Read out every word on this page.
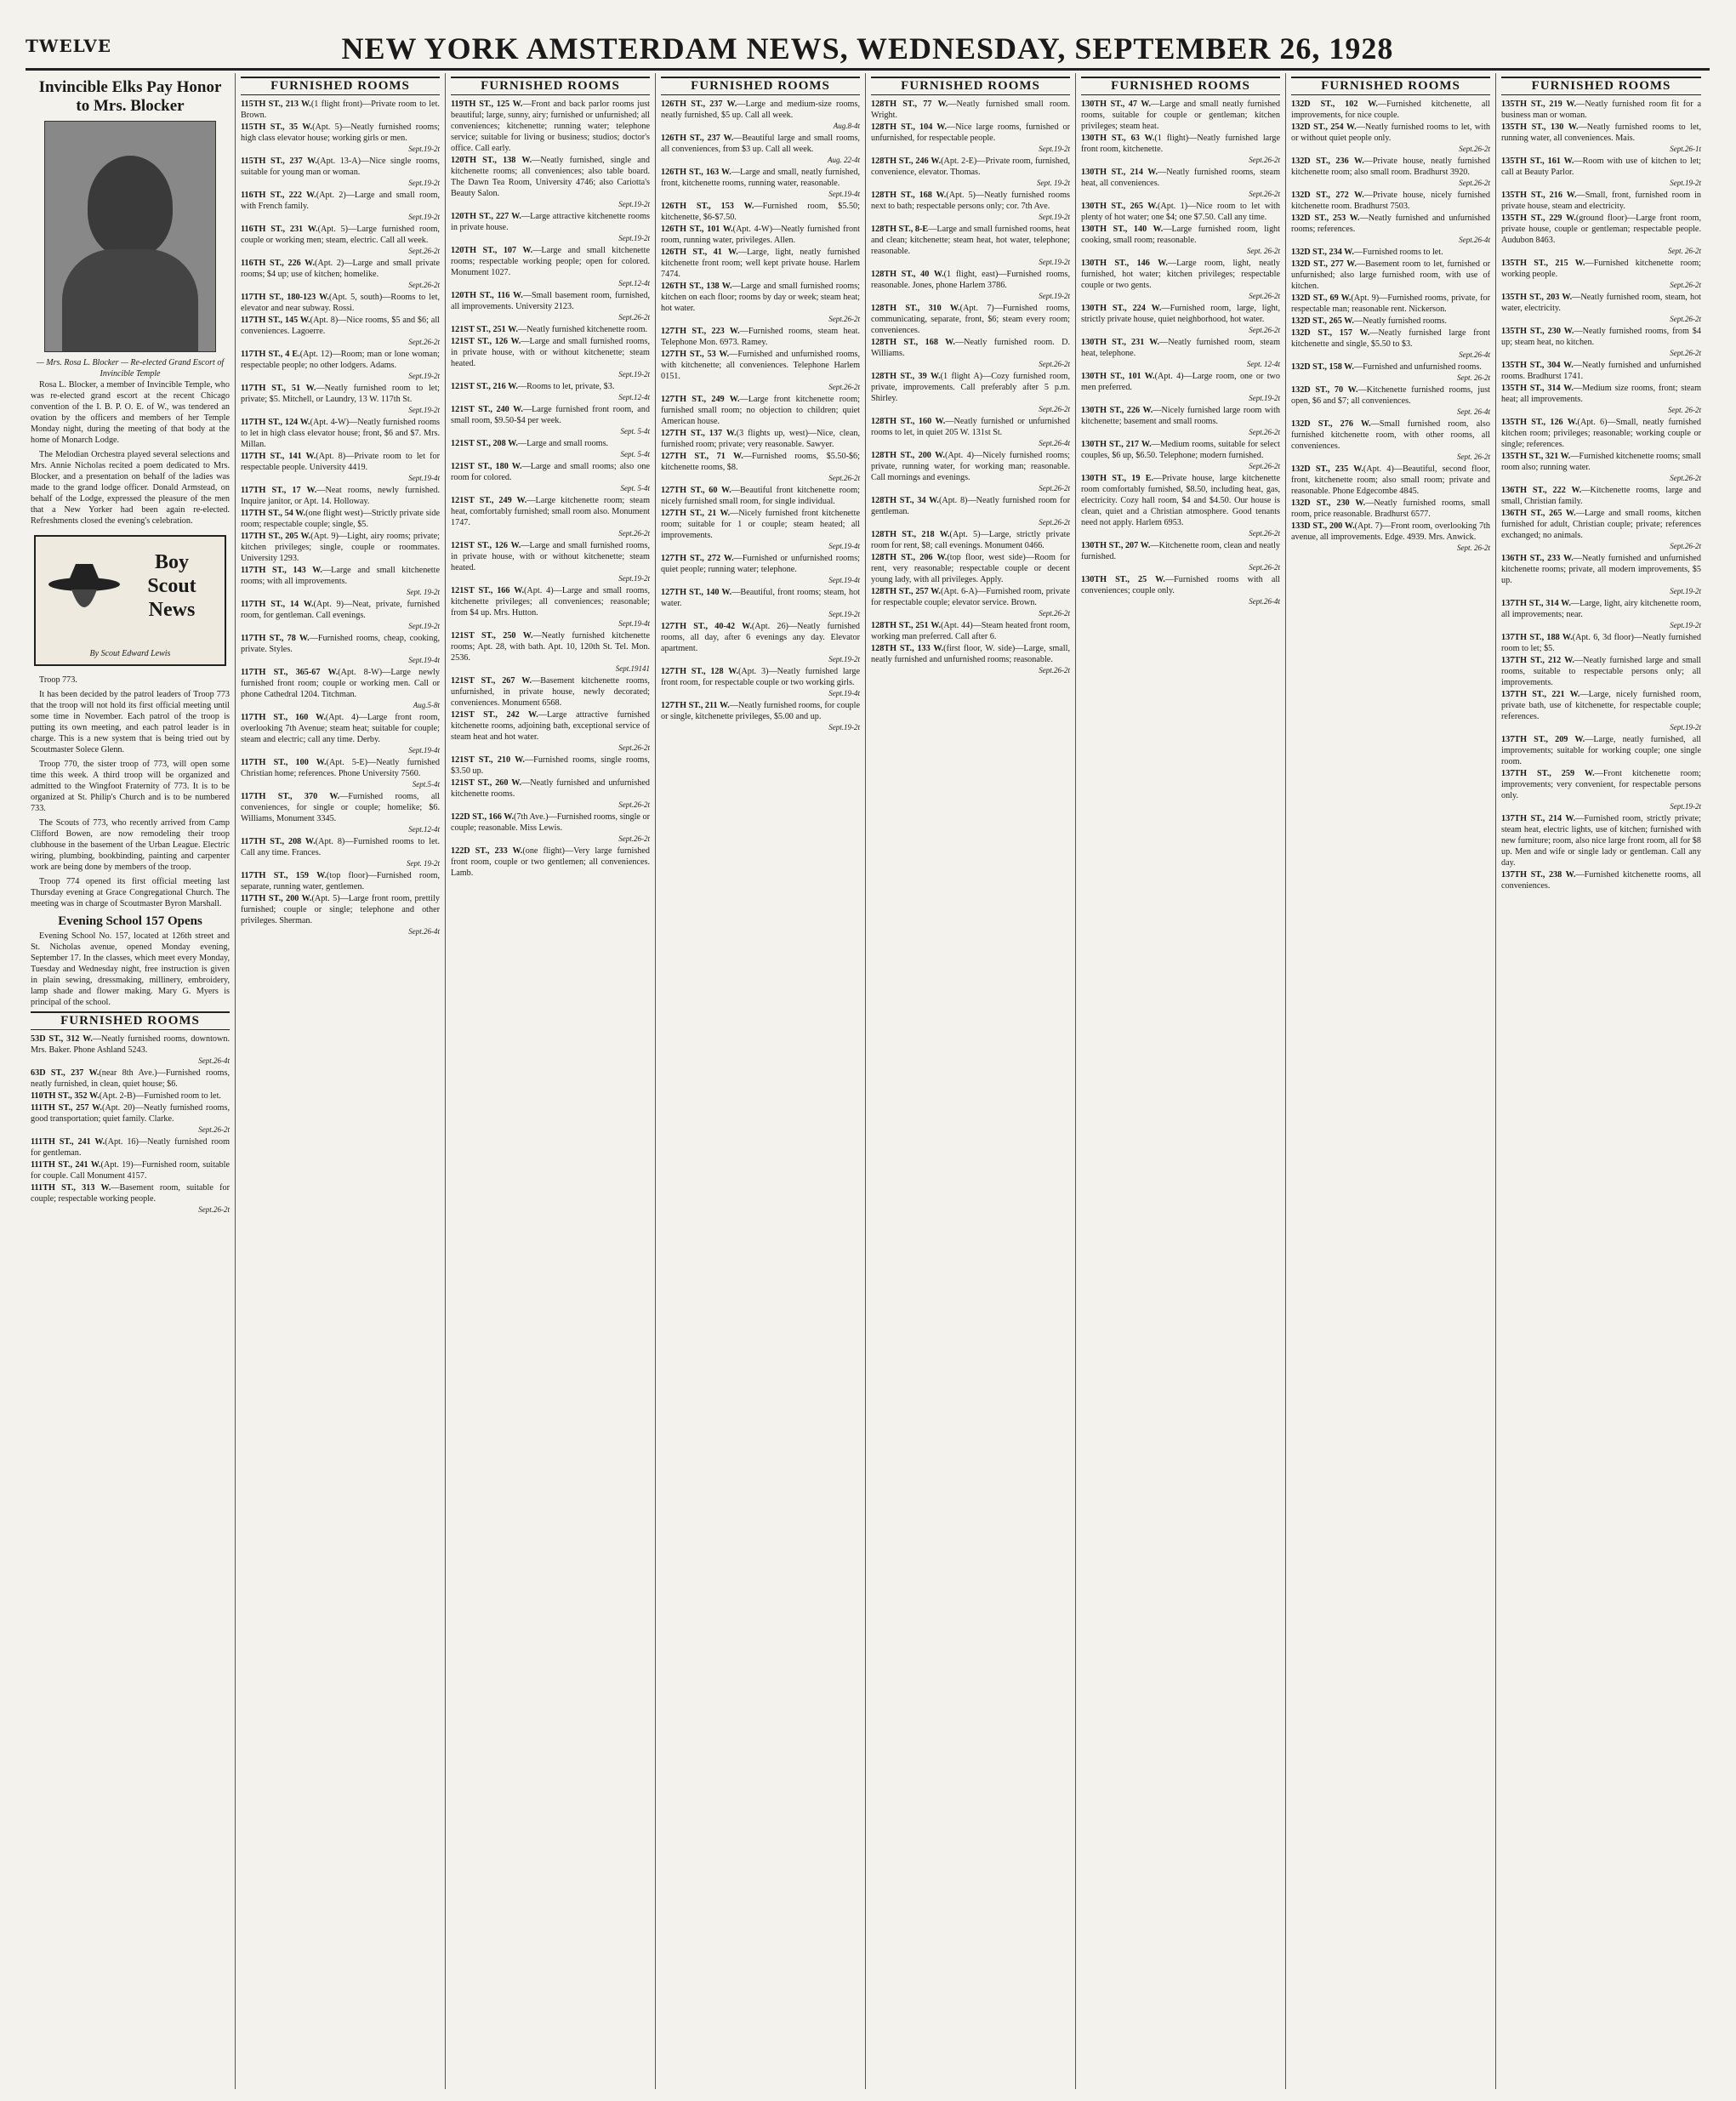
TWELVE	NEW YORK AMSTERDAM NEWS, WEDNESDAY, SEPTEMBER 26, 1928
Invincible Elks Pay Honor to Mrs. Blocker
— Mrs. Rosa L. Blocker — Re-elected Grand Escort of Invincible Temple

Rosa L. Blocker, a member of Invincible Temple, who was re-elected grand escort at the recent Chicago convention of the I. B. P. O. E. of W., was tendered an ovation by the officers and members of her Temple Monday night, during the meeting of that body at the home of Monarch Lodge.

The Melodian Orchestra played several selections and Mrs. Annie Nicholas recited a poem dedicated to Mrs. Blocker, and a presentation on behalf of the ladies was made to the grand lodge officer. Donald Armstead, on behalf of the Lodge, expressed the pleasure of the men that a New Yorker had been again re-elected. Refreshments closed the evening's celebration.

Boy Scout News
By Scout Edward Lewis

Troop 773.

It has been decided by the patrol leaders of Troop 773 that the troop will not hold its first official meeting until some time in November. Each patrol of the troop is putting its own meeting, and each patrol leader is in charge. This is a new system that is being tried out by Scoutmaster Solece Glenn.

Troop 770, the sister troop of 773, will open some time this week. A third troop will be organized and admitted to the Wingfoot Fraternity of 773. It is to be organized at St. Philip's Church and is to be numbered 733.

The Scouts of 773, who recently arrived from Camp Clifford Bowen, are now remodeling their troop clubhouse in the basement of the Urban League. Electric wiring, plumbing, bookbinding, painting and carpenter work are being done by members of the troop.

Troop 774 opened its first official meeting last Thursday evening at Grace Congregational Church. The meeting was in charge of Scoutmaster Byron Marshall.

Evening School 157 Opens

Evening School No. 157, located at 126th street and St. Nicholas avenue, opened Monday evening, September 17. In the classes, which meet every Monday, Tuesday and Wednesday night, free instruction is given in plain sewing, dressmaking, millinery, embroidery, lamp shade and flower making. Mary G. Myers is principal of the school.

FURNISHED ROOMS

53D ST., 312 W.—Neatly furnished rooms, downtown. Mrs. Baker. Phone Ashland 5243.
Sept.26-4t

63D ST., 237 W.(near 8th Ave.)—Furnished rooms, neatly furnished, in clean, quiet house; $6.

110TH ST., 352 W.(Apt. 2-B)—Furnished room to let.

111TH ST., 257 W.(Apt. 20)—Neatly furnished rooms, good transportation; quiet family. Clarke.
Sept.26-2t

111TH ST., 241 W.(Apt. 16)—Neatly furnished room for gentleman.

111TH ST., 241 W.(Apt. 19)—Furnished room, suitable for couple. Call Monument 4157.

111TH ST., 313 W.—Basement room, suitable for couple; respectable working people.
Sept.26-2t

FURNISHED ROOMS

115TH ST., 213 W.(1 flight front)—Private room to let. Brown.

115TH ST., 35 W.(Apt. 5)—Neatly furnished rooms; high class elevator house; working girls or men.
Sept.19-2t

115TH ST., 237 W.(Apt. 13-A)—Nice single rooms, suitable for young man or woman.
Sept.19-2t

116TH ST., 222 W.(Apt. 2)—Large and small room, with French family.
Sept.19-2t

116TH ST., 231 W.(Apt. 5)—Large furnished room, couple or working men; steam, electric. Call all week.
Sept.26-2t

116TH ST., 226 W.(Apt. 2)—Large and small private rooms; $4 up; use of kitchen; homelike.
Sept.26-2t

117TH ST., 180-123 W.(Apt. 5, south)—Rooms to let, elevator and near subway. Rossi.

117TH ST., 145 W.(Apt. 8)—Nice rooms, $5 and $6; all conveniences. Lagoerre.
Sept.26-2t

117TH ST., 4 E.(Apt. 12)—Room; man or lone woman; respectable people; no other lodgers. Adams.
Sept.19-2t

117TH ST., 51 W.—Neatly furnished room to let; private; $5. Mitchell, or Laundry, 13 W. 117th St.
Sept.19-2t

117TH ST., 124 W.(Apt. 4-W)—Neatly furnished rooms to let in high class elevator house; front, $6 and $7. Mrs. Millan.

117TH ST., 141 W.(Apt. 8)—Private room to let for respectable people. University 4419.
Sept.19-4t

117TH ST., 17 W.—Neat rooms, newly furnished. Inquire janitor, or Apt. 14. Holloway.

117TH ST., 54 W.(one flight west)—Strictly private side room; respectable couple; single, $5.

117TH ST., 205 W.(Apt. 9)—Light, airy rooms; private; kitchen privileges; single, couple or roommates. University 1293.

117TH ST., 143 W.—Large and small kitchenette rooms; with all improvements.
Sept. 19-2t

117TH ST., 14 W.(Apt. 9)—Neat, private, furnished room, for gentleman. Call evenings.
Sept.19-2t

117TH ST., 78 W.—Furnished rooms, cheap, cooking, private. Styles.
Sept.19-4t

117TH ST., 365-67 W.(Apt. 8-W)—Large newly furnished front room; couple or working men. Call or phone Cathedral 1204. Titchman.
Aug.5-8t

117TH ST., 160 W.(Apt. 4)—Large front room, overlooking 7th Avenue; steam heat; suitable for couple; steam and electric; call any time. Derby.
Sept.19-4t

117TH ST., 100 W.(Apt. 5-E)—Neatly furnished Christian home; references. Phone University 7560.
Sept.5-4t

117TH ST., 370 W.—Furnished rooms, all conveniences, for single or couple; homelike; $6. Williams, Monument 3345.
Sept.12-4t

117TH ST., 208 W.(Apt. 8)—Furnished rooms to let. Call any time. Frances.
Sept. 19-2t

117TH ST., 159 W.(top floor)—Furnished room, separate, running water, gentlemen.

117TH ST., 200 W.(Apt. 5)—Large front room, prettily furnished; couple or single; telephone and other privileges. Sherman.
Sept.26-4t

FURNISHED ROOMS

119TH ST., 125 W.—Front and back parlor rooms just beautiful; large, sunny, airy; furnished or unfurnished; all conveniences; kitchenette; running water; telephone service; suitable for living or business; studios; doctor's office. Call early.

120TH ST., 138 W.—Neatly furnished, single and kitchenette rooms; all conveniences; also table board. The Dawn Tea Room, University 4746; also Cariotta's Beauty Salon.
Sept.19-2t

120TH ST., 227 W.—Large attractive kitchenette rooms in private house.
Sept.19-2t

120TH ST., 107 W.—Large and small kitchenette rooms; respectable working people; open for colored. Monument 1027.
Sept.12-4t

120TH ST., 116 W.—Small basement room, furnished, all improvements. University 2123.
Sept.26-2t

121ST ST., 251 W.—Neatly furnished kitchenette room.

121ST ST., 126 W.—Large and small furnished rooms, in private house, with or without kitchenette; steam heated.
Sept.19-2t

121ST ST., 216 W.—Rooms to let, private, $3.
Sept.12-4t

121ST ST., 240 W.—Large furnished front room, and small room, $9.50-$4 per week.
Sept. 5-4t

121ST ST., 208 W.—Large and small rooms.
Sept. 5-4t

121ST ST., 180 W.—Large and small rooms; also one room for colored.
Sept. 5-4t

121ST ST., 249 W.—Large kitchenette room; steam heat, comfortably furnished; small room also. Monument 1747.
Sept.26-2t

121ST ST., 126 W.—Large and small furnished rooms, in private house, with or without kitchenette; steam heated.
Sept.19-2t

121ST ST., 166 W.(Apt. 4)—Large and small rooms, kitchenette privileges; all conveniences; reasonable; from $4 up. Mrs. Hutton.
Sept.19-4t

121ST ST., 250 W.—Neatly furnished kitchenette rooms; Apt. 28, with bath. Apt. 10, 120th St. Tel. Mon. 2536.
Sept.19141

121ST ST., 267 W.—Basement kitchenette rooms, unfurnished, in private house, newly decorated; conveniences. Monument 6568.

121ST ST., 242 W.—Large attractive furnished kitchenette rooms, adjoining bath, exceptional service of steam heat and hot water.
Sept.26-2t

121ST ST., 210 W.—Furnished rooms, single rooms, $3.50 up.

121ST ST., 260 W.—Neatly furnished and unfurnished kitchenette rooms.
Sept.26-2t

122D ST., 166 W.(7th Ave.)—Furnished rooms, single or couple; reasonable. Miss Lewis.
Sept.26-2t

122D ST., 233 W.(one flight)—Very large furnished front room, couple or two gentlemen; all conveniences. Lamb.

FURNISHED ROOMS

126TH ST., 237 W.—Large and medium-size rooms, neatly furnished, $5 up. Call all week.
Aug.8-4t

126TH ST., 237 W.—Beautiful large and small rooms, all conveniences, from $3 up. Call all week.
Aug. 22-4t

126TH ST., 163 W.—Large and small, neatly furnished, front, kitchenette rooms, running water, reasonable.
Sept.19-4t

126TH ST., 153 W.—Furnished room, $5.50; kitchenette, $6-$7.50.

126TH ST., 101 W.(Apt. 4-W)—Neatly furnished front room, running water, privileges. Allen.

126TH ST., 41 W.—Large, light, neatly furnished kitchenette front room; well kept private house. Harlem 7474.

126TH ST., 138 W.—Large and small furnished rooms; kitchen on each floor; rooms by day or week; steam heat; hot water.
Sept.26-2t

127TH ST., 223 W.—Furnished rooms, steam heat. Telephone Mon. 6973. Ramey.

127TH ST., 53 W.—Furnished and unfurnished rooms, with kitchenette; all conveniences. Telephone Harlem 0151.
Sept.26-2t

127TH ST., 249 W.—Large front kitchenette room; furnished small room; no objection to children; quiet American house.

127TH ST., 137 W.(3 flights up, west)—Nice, clean, furnished room; private; very reasonable. Sawyer.

127TH ST., 71 W.—Furnished rooms, $5.50-$6; kitchenette rooms, $8.
Sept.26-2t

127TH ST., 60 W.—Beautiful front kitchenette room; nicely furnished small room, for single individual.

127TH ST., 21 W.—Nicely furnished front kitchenette room; suitable for 1 or couple; steam heated; all improvements.
Sept.19-4t

127TH ST., 272 W.—Furnished or unfurnished rooms; quiet people; running water; telephone.
Sept.19-4t

127TH ST., 140 W.—Beautiful, front rooms; steam, hot water.
Sept.19-2t

127TH ST., 40-42 W.(Apt. 26)—Neatly furnished rooms, all day, after 6 evenings any day. Elevator apartment.
Sept.19-2t

127TH ST., 128 W.(Apt. 3)—Neatly furnished large front room, for respectable couple or two working girls.
Sept.19-4t

127TH ST., 211 W.—Neatly furnished rooms, for couple or single, kitchenette privileges, $5.00 and up.
Sept.19-2t

FURNISHED ROOMS

128TH ST., 77 W.—Neatly furnished small room. Wright.

128TH ST., 104 W.—Nice large rooms, furnished or unfurnished, for respectable people.
Sept.19-2t

128TH ST., 246 W.(Apt. 2-E)—Private room, furnished, convenience, elevator. Thomas.
Sept. 19-2t

128TH ST., 168 W.(Apt. 5)—Neatly furnished rooms next to bath; respectable persons only; cor. 7th Ave.
Sept.19-2t

128TH ST., 8-E—Large and small furnished rooms, heat and clean; kitchenette; steam heat, hot water, telephone; reasonable.
Sept.19-2t

128TH ST., 40 W.(1 flight, east)—Furnished rooms, reasonable. Jones, phone Harlem 3786.
Sept.19-2t

128TH ST., 310 W.(Apt. 7)—Furnished rooms, communicating, separate, front, $6; steam every room; conveniences.

128TH ST., 168 W.—Neatly furnished room. D. Williams.
Sept.26-2t

128TH ST., 39 W.(1 flight A)—Cozy furnished room, private, improvements. Call preferably after 5 p.m. Shirley.
Sept.26-2t

128TH ST., 160 W.—Neatly furnished or unfurnished rooms to let, in quiet 205 W. 131st St.
Sept.26-4t

128TH ST., 200 W.(Apt. 4)—Nicely furnished rooms; private, running water, for working man; reasonable. Call mornings and evenings.
Sept.26-2t

128TH ST., 34 W.(Apt. 8)—Neatly furnished room for gentleman.
Sept.26-2t

128TH ST., 218 W.(Apt. 5)—Large, strictly private room for rent, $8; call evenings. Monument 0466.

128TH ST., 206 W.(top floor, west side)—Room for rent, very reasonable; respectable couple or decent young lady, with all privileges. Apply.

128TH ST., 257 W.(Apt. 6-A)—Furnished room, private for respectable couple; elevator service. Brown.
Sept.26-2t

128TH ST., 251 W.(Apt. 44)—Steam heated front room, working man preferred. Call after 6.

128TH ST., 133 W.(first floor, W. side)—Large, small, neatly furnished and unfurnished rooms; reasonable.
Sept.26-2t

FURNISHED ROOMS

130TH ST., 47 W.—Large and small neatly furnished rooms, suitable for couple or gentleman; kitchen privileges; steam heat.

130TH ST., 63 W.(1 flight)—Neatly furnished large front room, kitchenette.
Sept.26-2t

130TH ST., 214 W.—Neatly furnished rooms, steam heat, all conveniences.
Sept.26-2t

130TH ST., 265 W.(Apt. 1)—Nice room to let with plenty of hot water; one $4; one $7.50. Call any time.

130TH ST., 140 W.—Large furnished room, light cooking, small room; reasonable.
Sept. 26-2t

130TH ST., 146 W.—Large room, light, neatly furnished, hot water; kitchen privileges; respectable couple or two gents.
Sept.26-2t

130TH ST., 224 W.—Furnished room, large, light, strictly private house, quiet neighborhood, hot water.
Sept.26-2t

130TH ST., 231 W.—Neatly furnished room, steam heat, telephone.
Sept. 12-4t

130TH ST., 101 W.(Apt. 4)—Large room, one or two men preferred.
Sept.19-2t

130TH ST., 226 W.—Nicely furnished large room with kitchenette; basement and small rooms.
Sept.26-2t

130TH ST., 217 W.—Medium rooms, suitable for select couples, $6 up, $6.50. Telephone; modern furnished.
Sept.26-2t

130TH ST., 19 E.—Private house, large kitchenette room comfortably furnished, $8.50, including heat, gas, electricity. Cozy hall room, $4 and $4.50. Our house is clean, quiet and a Christian atmosphere. Good tenants need not apply. Harlem 6953.
Sept.26-2t

130TH ST., 207 W.—Kitchenette room, clean and neatly furnished.
Sept.26-2t

130TH ST., 25 W.—Furnished rooms with all conveniences; couple only.
Sept.26-4t

FURNISHED ROOMS

132D ST., 102 W.—Furnished kitchenette, all improvements, for nice couple.

132D ST., 254 W.—Neatly furnished rooms to let, with or without quiet people only.
Sept.26-2t

132D ST., 236 W.—Private house, neatly furnished kitchenette room; also small room. Bradhurst 3920.
Sept.26-2t

132D ST., 272 W.—Private house, nicely furnished kitchenette room. Bradhurst 7503.

132D ST., 253 W.—Neatly furnished and unfurnished rooms; references.
Sept.26-4t

132D ST., 234 W.—Furnished rooms to let.

132D ST., 277 W.—Basement room to let, furnished or unfurnished; also large furnished room, with use of kitchen.

132D ST., 69 W.(Apt. 9)—Furnished rooms, private, for respectable man; reasonable rent. Nickerson.

132D ST., 265 W.—Neatly furnished rooms.

132D ST., 157 W.—Neatly furnished large front kitchenette and single, $5.50 to $3.
Sept.26-4t

132D ST., 158 W.—Furnished and unfurnished rooms.
Sept. 26-2t

132D ST., 70 W.—Kitchenette furnished rooms, just open, $6 and $7; all conveniences.
Sept. 26-4t

132D ST., 276 W.—Small furnished room, also furnished kitchenette room, with other rooms, all conveniences.
Sept. 26-2t

132D ST., 235 W.(Apt. 4)—Beautiful, second floor, front, kitchenette room; also small room; private and reasonable. Phone Edgecombe 4845.

132D ST., 230 W.—Neatly furnished rooms, small room, price reasonable. Bradhurst 6577.

133D ST., 200 W.(Apt. 7)—Front room, overlooking 7th avenue, all improvements. Edge. 4939. Mrs. Anwick.
Sept. 26-2t

FURNISHED ROOMS

135TH ST., 219 W.—Neatly furnished room fit for a business man or woman.

135TH ST., 130 W.—Neatly furnished rooms to let, running water, all conveniences. Mais.
Sept.26-1t

135TH ST., 161 W.—Room with use of kitchen to let; call at Beauty Parlor.
Sept.19-2t

135TH ST., 216 W.—Small, front, furnished room in private house, steam and electricity.

135TH ST., 229 W.(ground floor)—Large front room, private house, couple or gentleman; respectable people. Audubon 8463.
Sept. 26-2t

135TH ST., 215 W.—Furnished kitchenette room; working people.
Sept.26-2t

135TH ST., 203 W.—Neatly furnished room, steam, hot water, electricity.
Sept.26-2t

135TH ST., 230 W.—Neatly furnished rooms, from $4 up; steam heat, no kitchen.
Sept.26-2t

135TH ST., 304 W.—Neatly furnished and unfurnished rooms. Bradhurst 1741.

135TH ST., 314 W.—Medium size rooms, front; steam heat; all improvements.
Sept. 26-2t

135TH ST., 126 W.(Apt. 6)—Small, neatly furnished kitchen room; privileges; reasonable; working couple or single; references.

135TH ST., 321 W.—Furnished kitchenette rooms; small room also; running water.
Sept.26-2t

136TH ST., 222 W.—Kitchenette rooms, large and small, Christian family.

136TH ST., 265 W.—Large and small rooms, kitchen furnished for adult, Christian couple; private; references exchanged; no animals.
Sept.26-2t

136TH ST., 233 W.—Neatly furnished and unfurnished kitchenette rooms; private, all modern improvements, $5 up.
Sept.19-2t

137TH ST., 314 W.—Large, light, airy kitchenette room, all improvements; near.
Sept.19-2t

137TH ST., 188 W.(Apt. 6, 3d floor)—Neatly furnished room to let; $5.

137TH ST., 212 W.—Neatly furnished large and small rooms, suitable to respectable persons only; all improvements.

137TH ST., 221 W.—Large, nicely furnished room, private bath, use of kitchenette, for respectable couple; references.
Sept.19-2t

137TH ST., 209 W.—Large, neatly furnished, all improvements; suitable for working couple; one single room.

137TH ST., 259 W.—Front kitchenette room; improvements; very convenient, for respectable persons only.
Sept.19-2t

137TH ST., 214 W.—Furnished room, strictly private; steam heat, electric lights, use of kitchen; furnished with new furniture; room, also nice large front room, all for $8 up. Men and wife or single lady or gentleman. Call any day.

137TH ST., 238 W.—Furnished kitchenette rooms, all conveniences.
